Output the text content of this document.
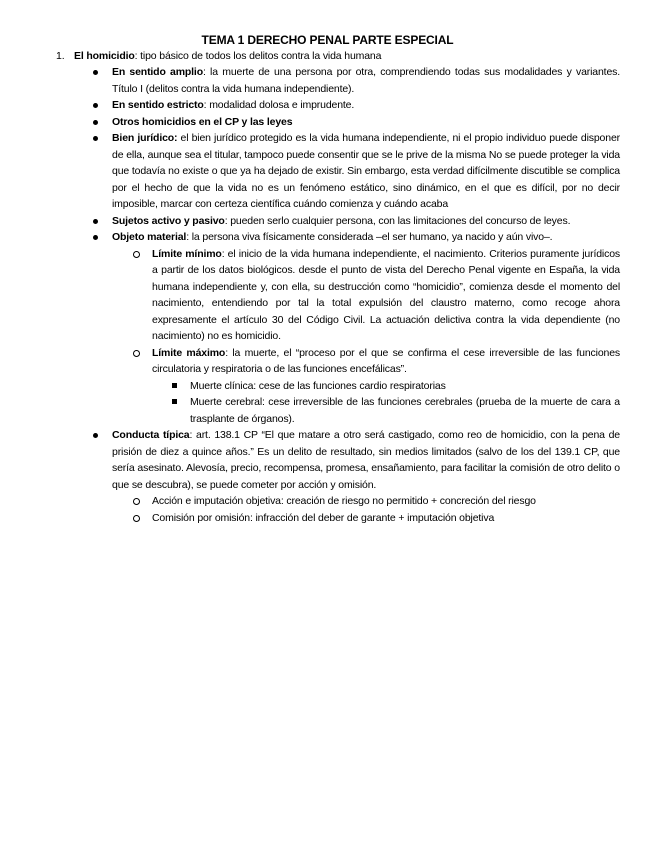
TEMA 1 DERECHO PENAL PARTE ESPECIAL
1. El homicidio: tipo básico de todos los delitos contra la vida humana
En sentido amplio: la muerte de una persona por otra, comprendiendo todas sus modalidades y variantes. Título I (delitos contra la vida humana independiente).
En sentido estricto: modalidad dolosa e imprudente.
Otros homicidios en el CP y las leyes
Bien jurídico: el bien jurídico protegido es la vida humana independiente, ni el propio individuo puede disponer de ella, aunque sea el titular, tampoco puede consentir que se le prive de la misma No se puede proteger la vida que todavía no existe o que ya ha dejado de existir. Sin embargo, esta verdad difícilmente discutible se complica por el hecho de que la vida no es un fenómeno estático, sino dinámico, en el que es difícil, por no decir imposible, marcar con certeza científica cuándo comienza y cuándo acaba
Sujetos activo y pasivo: pueden serlo cualquier persona, con las limitaciones del concurso de leyes.
Objeto material: la persona viva físicamente considerada –el ser humano, ya nacido y aún vivo–.
Límite mínimo: el inicio de la vida humana independiente, el nacimiento. Criterios puramente jurídicos a partir de los datos biológicos. desde el punto de vista del Derecho Penal vigente en España, la vida humana independiente y, con ella, su destrucción como “homicidio”, comienza desde el momento del nacimiento, entendiendo por tal la total expulsión del claustro materno, como recoge ahora expresamente el artículo 30 del Código Civil. La actuación delictiva contra la vida dependiente (no nacimiento) no es homicidio.
Límite máximo: la muerte, el “proceso por el que se confirma el cese irreversible de las funciones circulatoria y respiratoria o de las funciones encefálicas”.
Muerte clínica: cese de las funciones cardio respiratorias
Muerte cerebral: cese irreversible de las funciones cerebrales (prueba de la muerte de cara a trasplante de órganos).
Conducta típica: art. 138.1 CP “El que matare a otro será castigado, como reo de homicidio, con la pena de prisión de diez a quince años.” Es un delito de resultado, sin medios limitados (salvo de los del 139.1 CP, que sería asesinato. Alevosía, precio, recompensa, promesa, ensañamiento, para facilitar la comisión de otro delito o que se descubra), se puede cometer por acción y omisión.
Acción e imputación objetiva: creación de riesgo no permitido + concreción del riesgo
Comisión por omisión: infracción del deber de garante + imputación objetiva
